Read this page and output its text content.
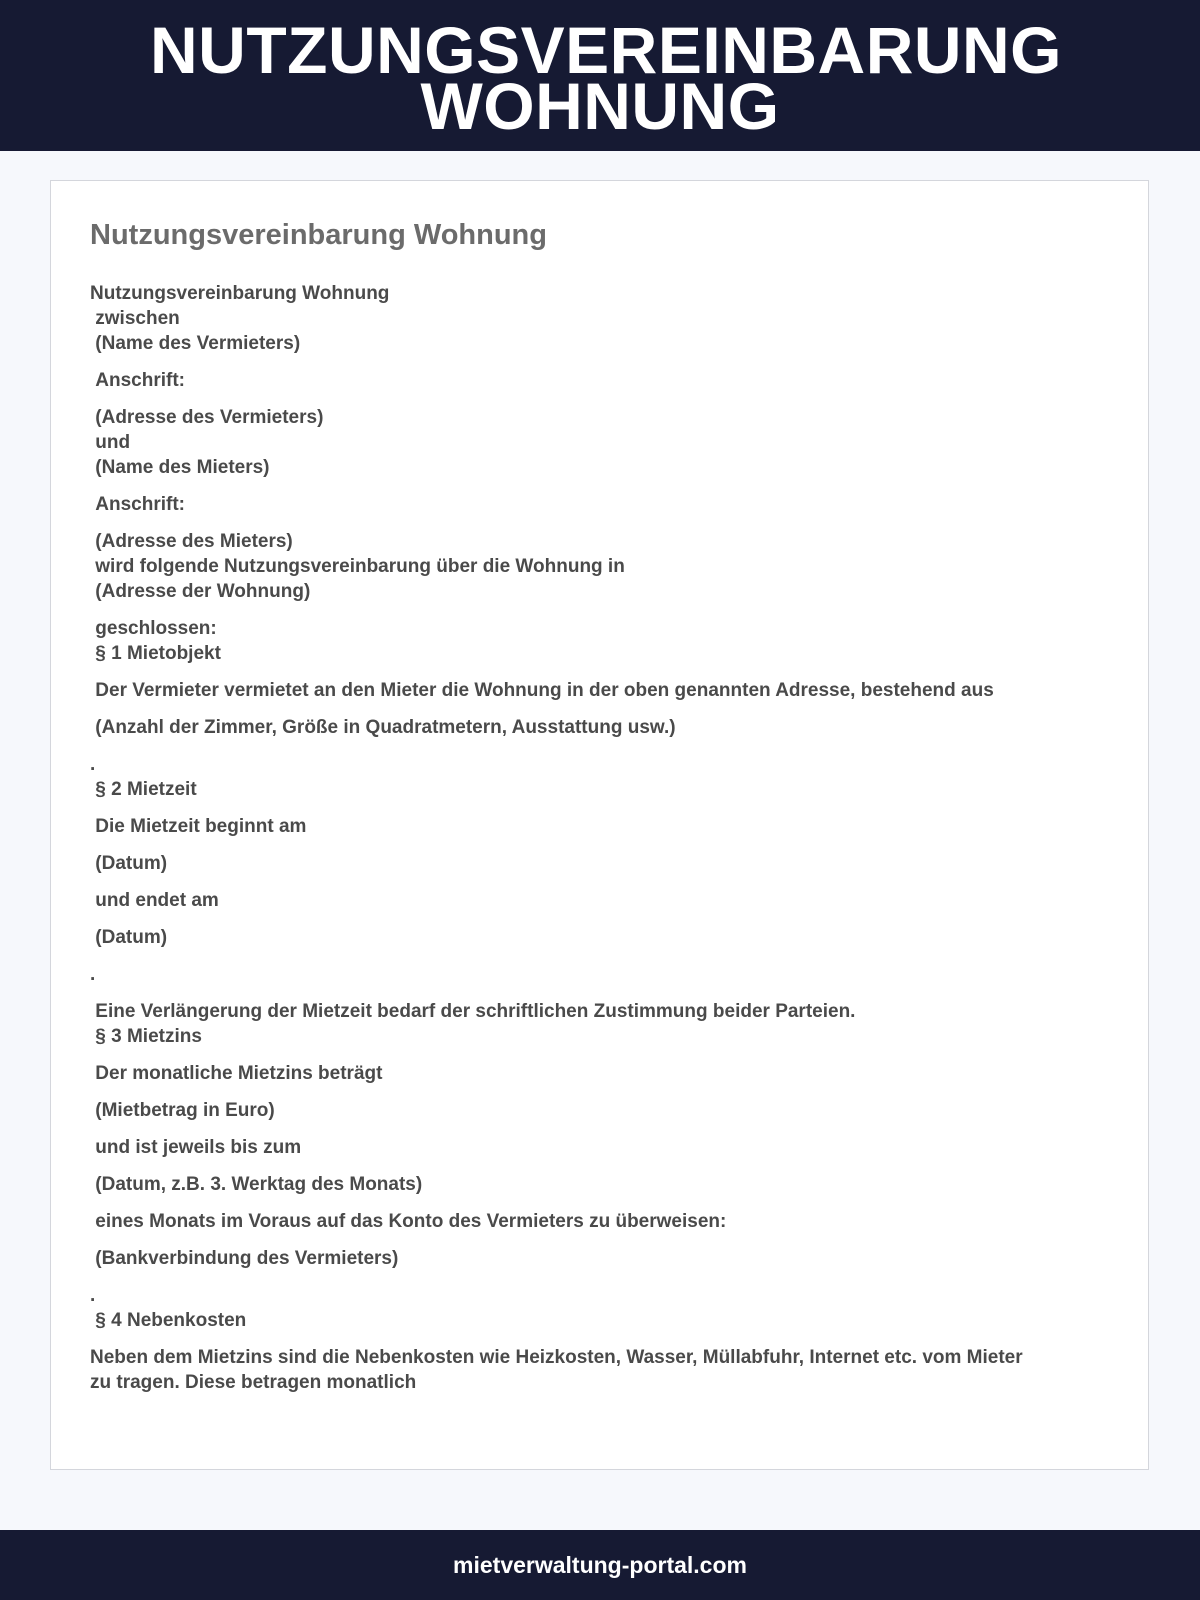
NUTZUNGSVEREINBARUNG WOHNUNG
Nutzungsvereinbarung Wohnung
Nutzungsvereinbarung Wohnung
zwischen
(Name des Vermieters)
Anschrift:
(Adresse des Vermieters)
und
(Name des Mieters)
Anschrift:
(Adresse des Mieters)
wird folgende Nutzungsvereinbarung über die Wohnung in
(Adresse der Wohnung)
geschlossen:
§ 1 Mietobjekt
Der Vermieter vermietet an den Mieter die Wohnung in der oben genannten Adresse, bestehend aus
(Anzahl der Zimmer, Größe in Quadratmetern, Ausstattung usw.)
.
§ 2 Mietzeit
Die Mietzeit beginnt am
(Datum)
und endet am
(Datum)
.
Eine Verlängerung der Mietzeit bedarf der schriftlichen Zustimmung beider Parteien.
§ 3 Mietzins
Der monatliche Mietzins beträgt
(Mietbetrag in Euro)
und ist jeweils bis zum
(Datum, z.B. 3. Werktag des Monats)
eines Monats im Voraus auf das Konto des Vermieters zu überweisen:
(Bankverbindung des Vermieters)
.
§ 4 Nebenkosten
Neben dem Mietzins sind die Nebenkosten wie Heizkosten, Wasser, Müllabfuhr, Internet etc. vom Mieter
zu tragen. Diese betragen monatlich
mietverwaltung-portal.com
